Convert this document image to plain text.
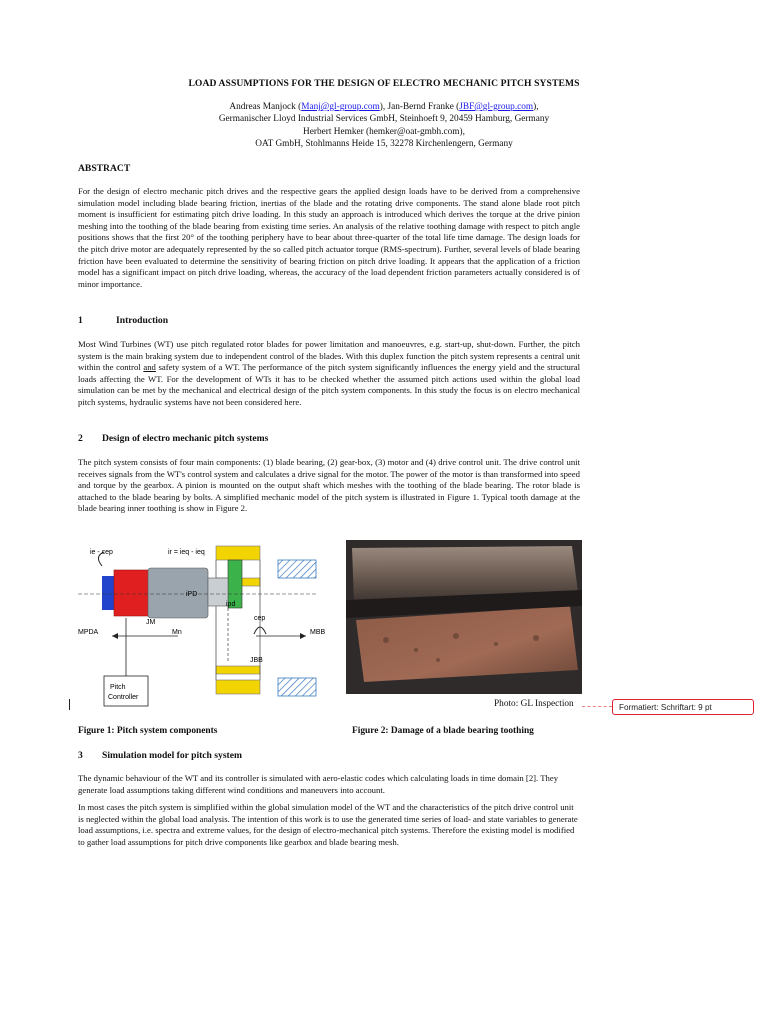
LOAD ASSUMPTIONS FOR THE DESIGN OF ELECTRO MECHANIC PITCH SYSTEMS
Andreas Manjock (Manj@gl-group.com), Jan-Bernd Franke (JBF@gl-group.com),
Germanischer Lloyd Industrial Services GmbH, Steinhoeft 9, 20459 Hamburg, Germany
Herbert Hemker (hemker@oat-gmbh.com),
OAT GmbH, Stohlmanns Heide 15, 32278 Kirchenlengern, Germany
ABSTRACT
For the design of electro mechanic pitch drives and the respective gears the applied design loads have to be derived from a comprehensive simulation model including blade bearing friction, inertias of the blade and the rotating drive components. The stand alone blade root pitch moment is insufficient for estimating pitch drive loading. In this study an approach is introduced which derives the torque at the drive pinion meshing into the toothing of the blade bearing from existing time series. An analysis of the relative toothing damage with respect to pitch angle positions shows that the first 20° of the toothing periphery have to bear about three-quarter of the total life time damage. The design loads for the pitch drive motor are adequately represented by the so called pitch actuator torque (RMS-spectrum). Further, several levels of blade bearing friction have been evaluated to determine the sensitivity of bearing friction on pitch drive loading. It appears that the application of a friction model has a significant impact on pitch drive loading, whereas, the accuracy of the load dependent friction parameters actually considered is of minor importance.
1	Introduction
Most Wind Turbines (WT) use pitch regulated rotor blades for power limitation and manoeuvres, e.g. start-up, shut-down. Further, the pitch system is the main braking system due to independent control of the blades. With this duplex function the pitch system represents a central unit within the control and safety system of a WT. The performance of the pitch system significantly influences the energy yield and the structural loads affecting the WT. For the development of WTs it has to be checked whether the assumed pitch actions used within the global load simulation can be met by the mechanical and electrical design of the pitch system components. In this study the focus is on electro mechanical pitch systems, hydraulic systems have not been considered here.
2 Design of electro mechanic pitch systems
The pitch system consists of four main components: (1) blade bearing, (2) gear-box, (3) motor and (4) drive control unit. The drive control unit receives signals from the WT's control system and calculates a drive signal for the motor. The power of the motor is than transformed into speed and torque by the gearbox. A pinion is mounted on the output shaft which meshes with the toothing of the blade bearing. The rotor blade is attached to the blade bearing by bolts. A simplified mechanic model of the pitch system is illustrated in Figure 1. Typical tooth damage at the blade bearing inner toothing is show in Figure 2.
ie - cep	ir = ieq - ieq
iPD
ipd
MPDA
JM
Mn	MBB
cep
JBB
Pitch
Controller
Photo: GL Inspection	Formatiert: Schriftart: 9 pt
Figure 1: Pitch system components	Figure 2: Damage of a blade bearing toothing
3 Simulation model for pitch system
The dynamic behaviour of the WT and its controller is simulated with aero-elastic codes which calculating loads in time domain [2]. They generate load assumptions taking different wind conditions and maneuvers into account.
In most cases the pitch system is simplified within the global simulation model of the WT and the characteristics of the pitch drive control unit is neglected within the global load analysis. The intention of this work is to use the generated time series of load- and state variables to generate load assumptions, i.e. spectra and extreme values, for the design of electro-mechanical pitch systems. Therefore the existing model is modified to gather load assumptions for pitch drive components like gearbox and blade bearing mesh.
